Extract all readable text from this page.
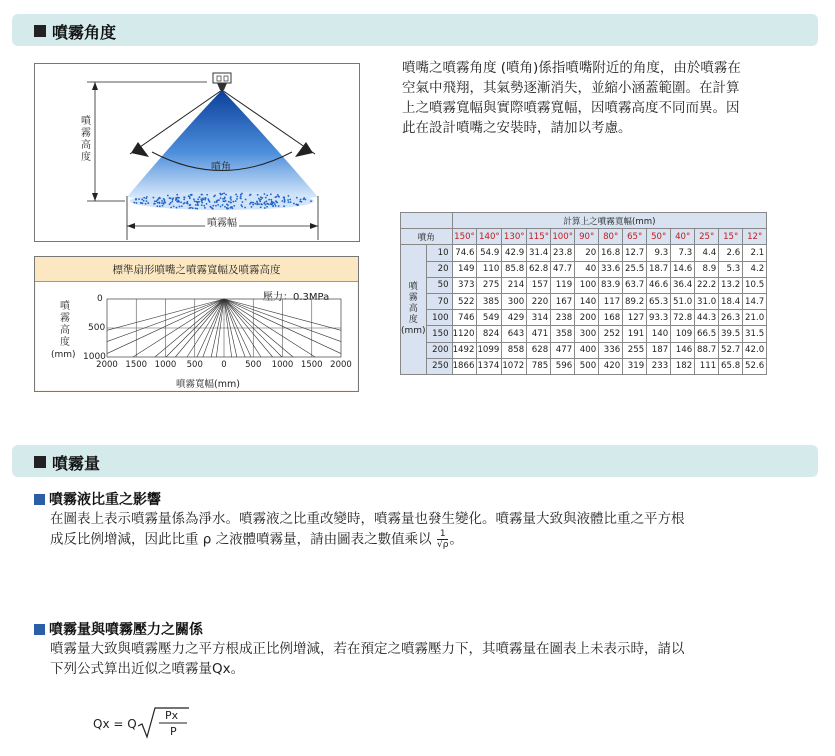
噴霧角度
噴
霧
高
度
噴角
噴霧幅
噴嘴之噴霧角度 (噴角)係指噴嘴附近的角度，由於噴霧在
空氣中飛翔，其氣勢逐漸消失，並縮小涵蓋範圍。在計算
上之噴霧寬幅與實際噴霧寬幅，因噴霧高度不同而異。因
此在設計噴嘴之安裝時，請加以考慮。
標準扇形噴嘴之噴霧寬幅及噴霧高度
壓力：0.3MPa
噴
霧
高
度
(mm)
0
500
1000
2000 1500 1000	500	0	500	1000 1500 2000
噴霧寬幅(mm)
		計算上之噴霧寬幅(mm)												
噴角		150°	140°	130°	115°	100°	90°	80°	65°	50°	40°	25°	15°	12°

噴
霧
高
度
(mm)	10	74.6	54.9	42.9	31.4	23.8	20	16.8	12.7	9.3	7.3	4.4	2.6	2.1
	20	149	110	85.8	62.8	47.7	40	33.6	25.5	18.7	14.6	8.9	5.3	4.2
	50	373	275	214	157	119	100	83.9	63.7	46.6	36.4	22.2	13.2	10.5
	70	522	385	300	220	167	140	117	89.2	65.3	51.0	31.0	18.4	14.7
	100	746	549	429	314	238	200	168	127	93.3	72.8	44.3	26.3	21.0
	150	1120	824	643	471	358	300	252	191	140	109	66.5	39.5	31.5
	200	1492	1099	858	628	477	400	336	255	187	146	88.7	52.7	42.0
	250	1866	1374	1072	785	596	500	420	319	233	182	111	65.8	52.6
噴霧量
噴霧液比重之影響
在圖表上表示噴霧量係為淨水。噴霧液之比重改變時，噴霧量也發生變化。噴霧量大致與液體比重之平方根
成反比例增減，因此比重 ρ 之液體噴霧量，請由圖表之數值乘以 $\frac{1}{√\rho}$ 。
噴霧量與噴霧壓力之關係
噴霧量大致與噴霧壓力之平方根成正比例增減，若在預定之噴霧壓力下，其噴霧量在圖表上未表示時，請以
下列公式算出近似之噴霧量Qx。
Qx = Q
Px
P
